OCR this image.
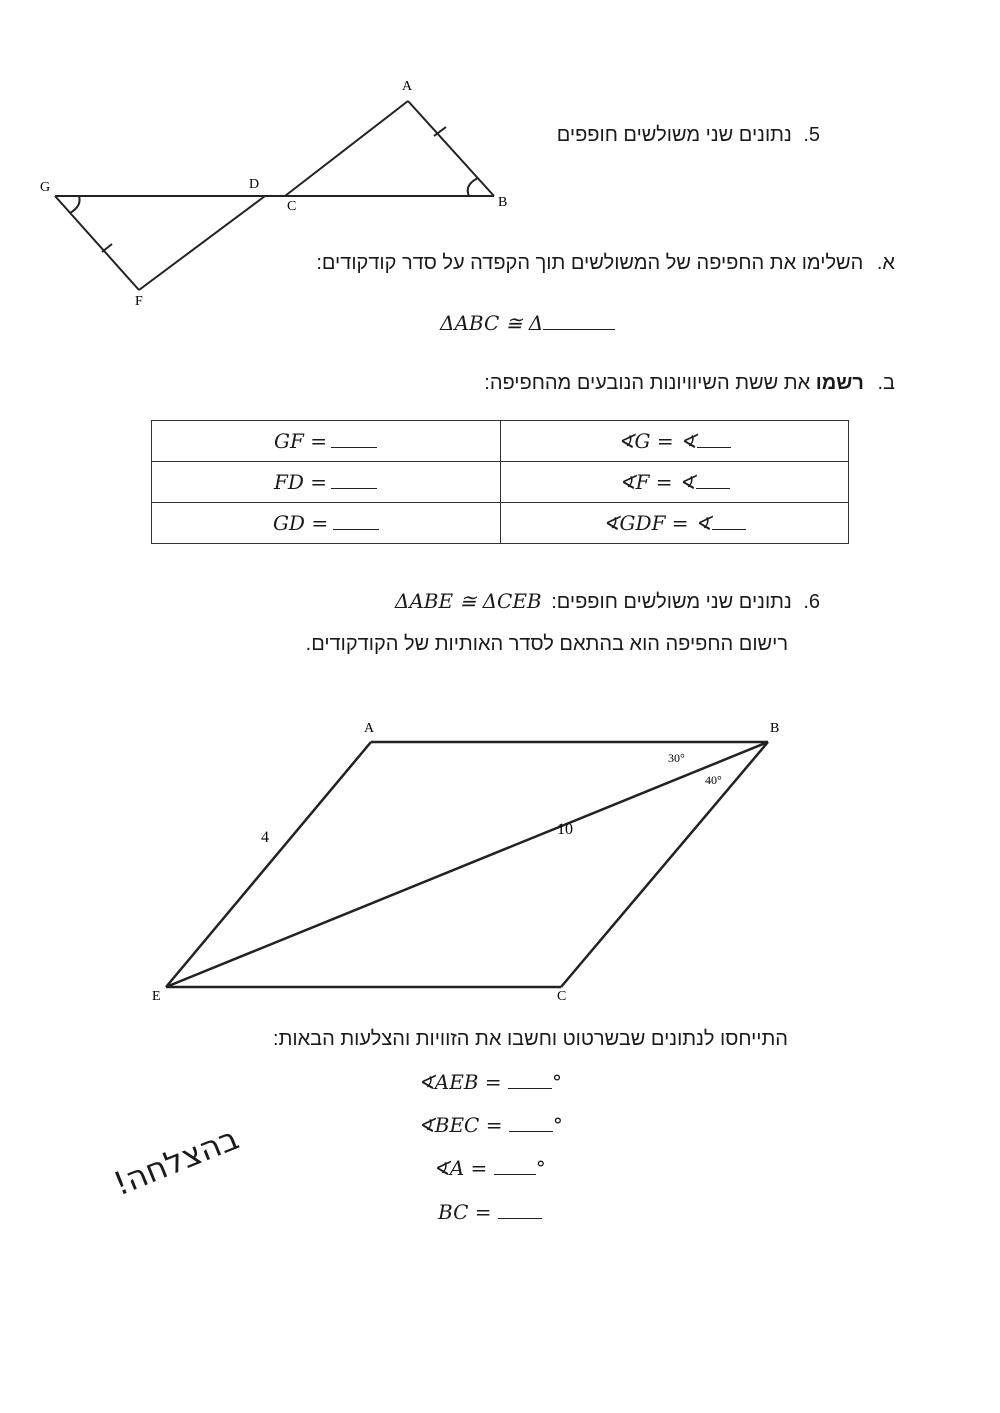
A
B
C
D
G
F
5. נתונים שני משולשים חופפים
א. השלימו את החפיפה של המשולשים תוך הקפדה על סדר קודקודים:
ΔABC ≅ Δ
ב. רשמו את ששת השיוויונות הנובעים מהחפיפה:
GF =	∢G = ∢
FD =	∢F = ∢
GD =	∢GDF = ∢
6. נתונים שני משולשים חופפים: ΔABE ≅ ΔCEB
רישום החפיפה הוא בהתאם לסדר האותיות של הקודקודים.
A	B
C
E
4	10
30°
40°
התייחסו לנתונים שבשרטוט וחשבו את הזוויות והצלעות הבאות:
∢AEB =	°
∢BEC =	°
∢A = °
BC =
בהצלחה!
